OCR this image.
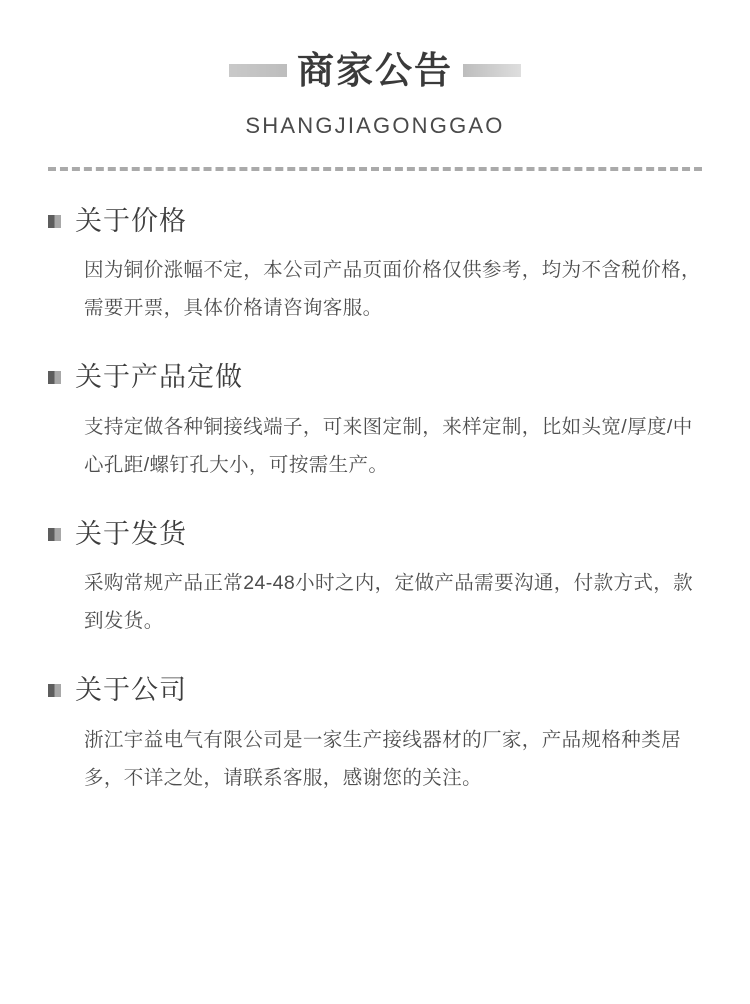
商家公告
SHANGJIAGONGGAO
关于价格
因为铜价涨幅不定，本公司产品页面价格仅供参考，均为不含税价格，需要开票，具体价格请咨询客服。
关于产品定做
支持定做各种铜接线端子，可来图定制，来样定制，比如头宽/厚度/中心孔距/螺钉孔大小，可按需生产。
关于发货
采购常规产品正常24-48小时之内，定做产品需要沟通，付款方式，款到发货。
关于公司
浙江宇益电气有限公司是一家生产接线器材的厂家，产品规格种类居多，不详之处，请联系客服，感谢您的关注。
